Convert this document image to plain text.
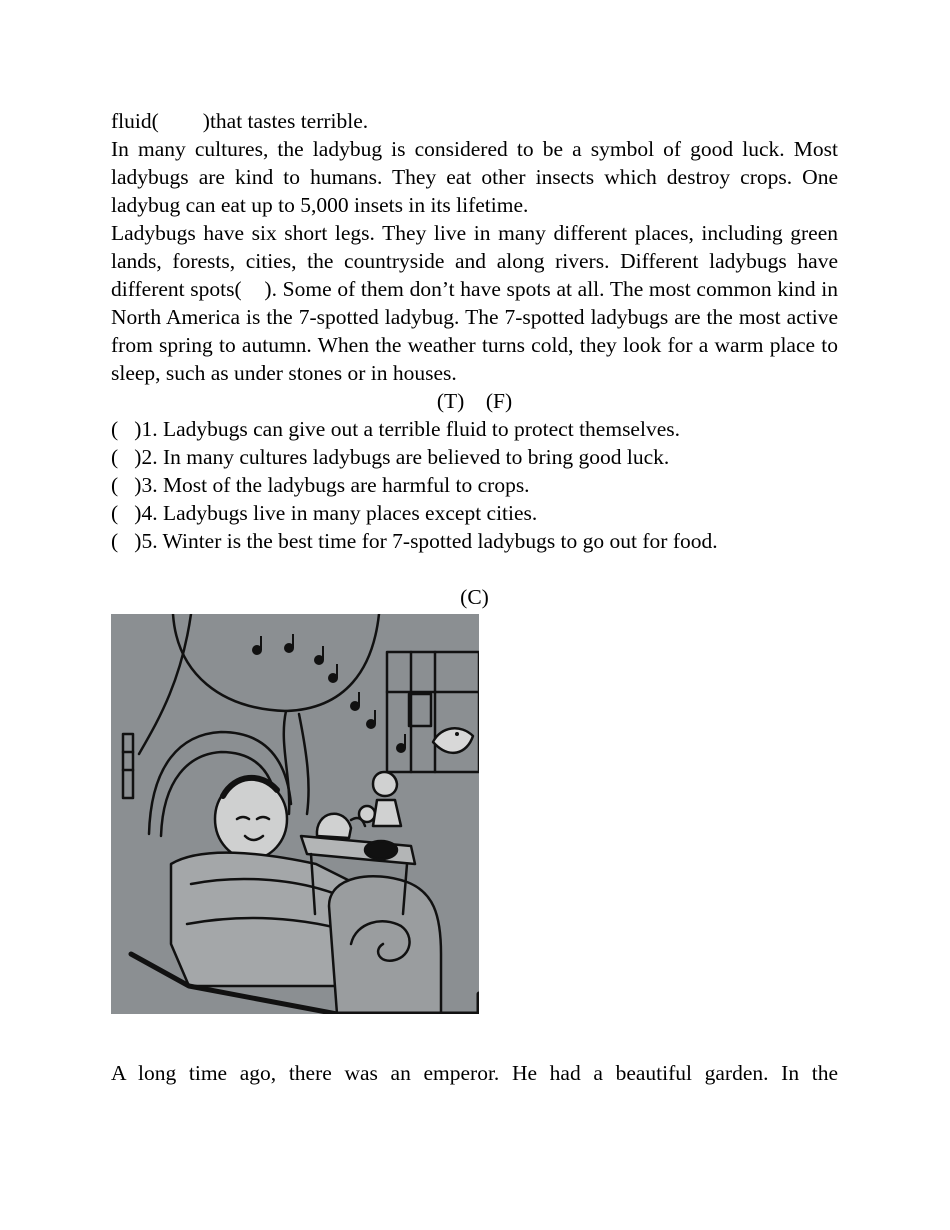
fluid( )that tastes terrible.
In many cultures, the ladybug is considered to be a symbol of good luck. Most ladybugs are kind to humans. They eat other insects which destroy crops. One ladybug can eat up to 5,000 insets in its lifetime.
Ladybugs have six short legs. They live in many different places, including green lands, forests, cities, the countryside and along rivers. Different ladybugs have different spots(    ). Some of them don’t have spots at all. The most common kind in North America is the 7-spotted ladybug. The 7-spotted ladybugs are the most active from spring to autumn. When the weather turns cold, they look for a warm place to sleep, such as under stones or in houses.
(T)    (F)
(   )1. Ladybugs can give out a terrible fluid to protect themselves.
(   )2. In many cultures ladybugs are believed to bring good luck.
(   )3. Most of the ladybugs are harmful to crops.
(   )4. Ladybugs live in many places except cities.
(   )5. Winter is the best time for 7-spotted ladybugs to go out for food.
(C)
A long time ago, there was an emperor. He had a beautiful garden. In the
